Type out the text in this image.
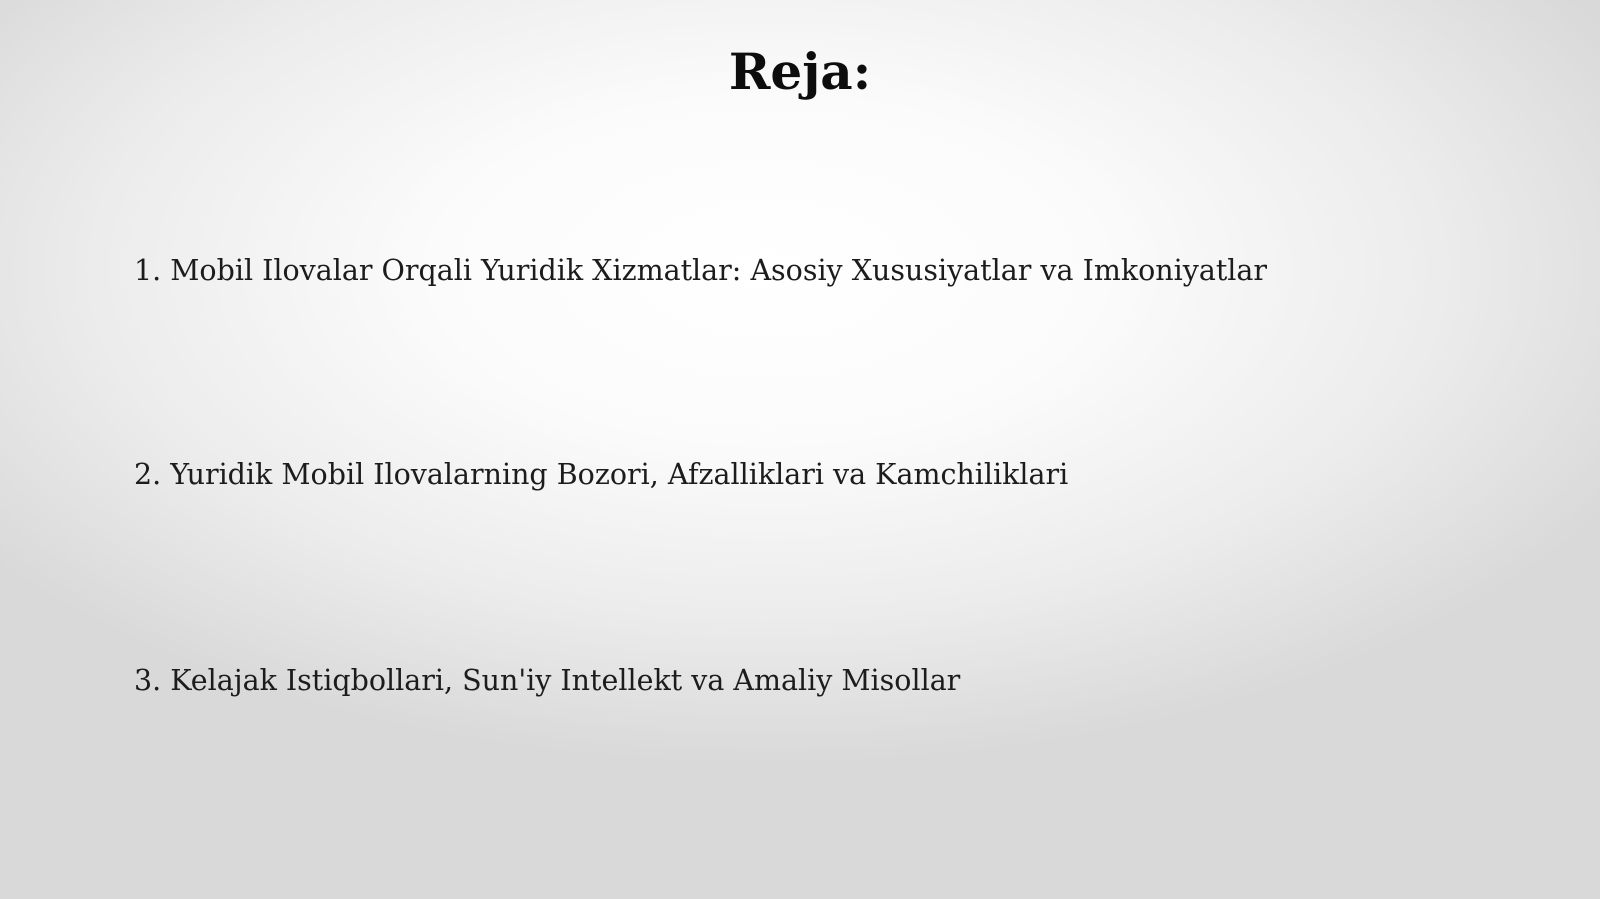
Reja:
1. Mobil Ilovalar Orqali Yuridik Xizmatlar: Asosiy Xususiyatlar va Imkoniyatlar
2. Yuridik Mobil Ilovalarning Bozori, Afzalliklari va Kamchiliklari
3. Kelajak Istiqbollari, Sun'iy Intellekt va Amaliy Misollar
